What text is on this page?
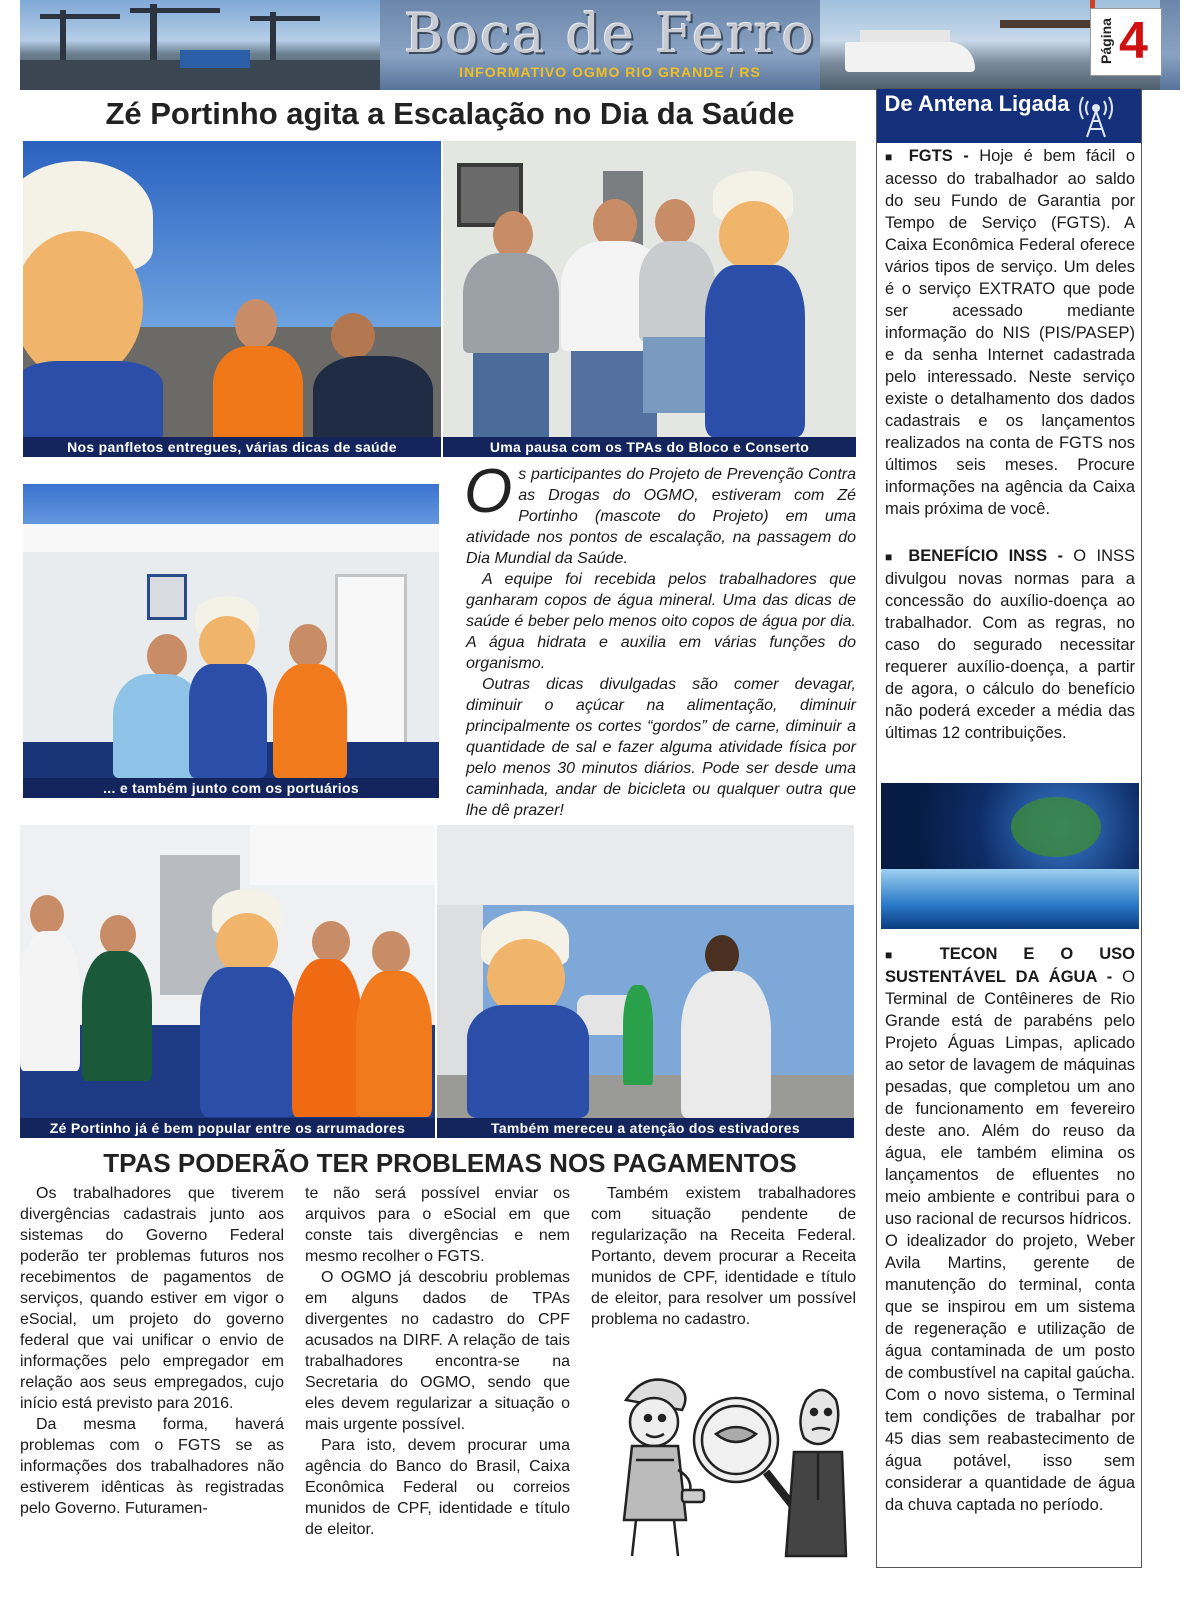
Boca de Ferro
INFORMATIVO OGMO RIO GRANDE / RS
Página 4
Zé Portinho agita a Escalação no Dia da Saúde
Nos panfletos entregues, várias dicas de saúde	Uma pausa com os TPAs do Bloco e Conserto
... e também junto com os portuários

Os participantes do Projeto de Prevenção Contra as Drogas do OGMO, estiveram com Zé Portinho (mascote do Projeto) em uma atividade nos pontos de escalação, na passagem do Dia Mundial da Saúde.

A equipe foi recebida pelos trabalhadores que ganharam copos de água mineral. Uma das dicas de saúde é beber pelo menos oito copos de água por dia. A água hidrata e auxilia em várias funções do organismo.

Outras dicas divulgadas são comer devagar, diminuir o açúcar na alimentação, diminuir principalmente os cortes “gordos” de carne, diminuir a quantidade de sal e fazer alguma atividade física por pelo menos 30 minutos diários. Pode ser desde uma caminhada, andar de bicicleta ou qualquer outra que lhe dê prazer!

Zé Portinho já é bem popular entre os arrumadores	Também mereceu a atenção dos estivadores
TPAS PODERÃO TER PROBLEMAS NOS PAGAMENTOS

Os trabalhadores que tiverem divergências cadastrais junto aos sistemas do Governo Federal poderão ter problemas futuros nos recebimentos de pagamentos de serviços, quando estiver em vigor o eSocial, um projeto do governo federal que vai unificar o envio de informações pelo empregador em relação aos seus empregados, cujo início está previsto para 2016.

Da mesma forma, haverá problemas com o FGTS se as informações dos trabalhadores não estiverem idênticas às registradas pelo Governo. Futuramen-

te não será possível enviar os arquivos para o eSocial em que conste tais divergências e nem mesmo recolher o FGTS.

O OGMO já descobriu problemas em alguns dados de TPAs divergentes no cadastro do CPF acusados na DIRF. A relação de tais trabalhadores encontra-se na Secretaria do OGMO, sendo que eles devem regularizar a situação o mais urgente possível.

Para isto, devem procurar uma agência do Banco do Brasil, Caixa Econômica Federal ou correios munidos de CPF, identidade e título de eleitor.

Também existem trabalhadores com situação pendente de regularização na Receita Federal. Portanto, devem procurar a Receita munidos de CPF, identidade e título de eleitor, para resolver um possível problema no cadastro.

De Antena Ligada

■ FGTS - Hoje é bem fácil o acesso do trabalhador ao saldo do seu Fundo de Garantia por Tempo de Serviço (FGTS). A Caixa Econômica Federal oferece vários tipos de serviço. Um deles é o serviço EXTRATO que pode ser acessado mediante informação do NIS (PIS/PASEP) e da senha Internet cadastrada pelo interessado. Neste serviço existe o detalhamento dos dados cadastrais e os lançamentos realizados na conta de FGTS nos últimos seis meses. Procure informações na agência da Caixa mais próxima de você.

■ BENEFÍCIO INSS - O INSS divulgou novas normas para a concessão do auxílio-doença ao trabalhador. Com as regras, no caso do segurado necessitar requerer auxílio-doença, a partir de agora, o cálculo do benefício não poderá exceder a média das últimas 12 contribuições.

■ TECON E O USO SUSTENTÁVEL DA ÁGUA - O Terminal de Contêineres de Rio Grande está de parabéns pelo Projeto Águas Limpas, aplicado ao setor de lavagem de máquinas pesadas, que completou um ano de funcionamento em fevereiro deste ano. Além do reuso da água, ele também elimina os lançamentos de efluentes no meio ambiente e contribui para o uso racional de recursos hídricos.

O idealizador do projeto, Weber Avila Martins, gerente de manutenção do terminal, conta que se inspirou em um sistema de regeneração e utilização de água contaminada de um posto de combustível na capital gaúcha. Com o novo sistema, o Terminal tem condições de trabalhar por 45 dias sem reabastecimento de água potável, isso sem considerar a quantidade de água da chuva captada no período.
